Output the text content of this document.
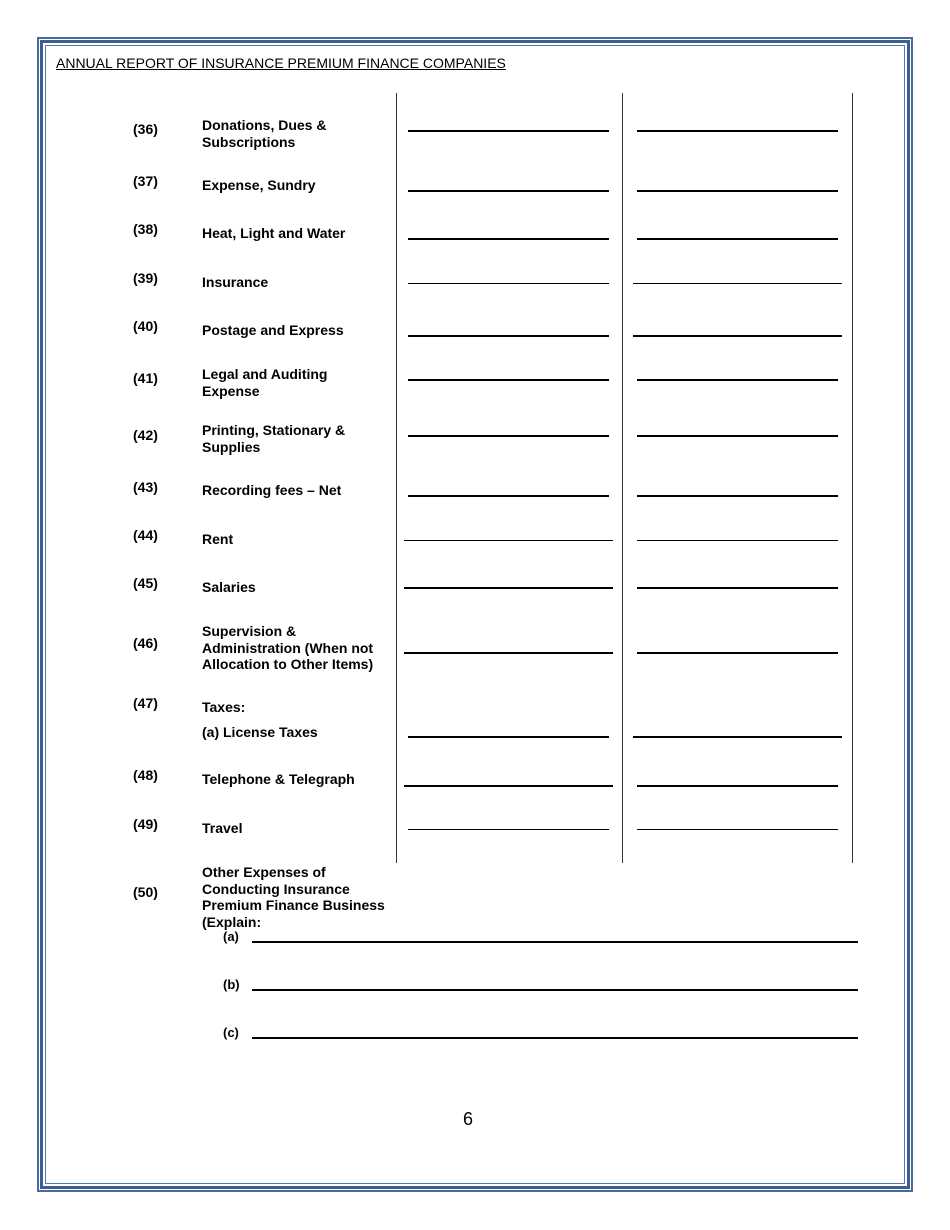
ANNUAL REPORT OF INSURANCE PREMIUM FINANCE COMPANIES
(36)	Donations, Dues & Subscriptions
(37)	Expense, Sundry
(38)	Heat, Light and Water
(39)	Insurance
(40)	Postage and Express
(41)	Legal and Auditing Expense
(42)	Printing, Stationary & Supplies
(43)	Recording fees – Net
(44)	Rent
(45)	Salaries
(46)
Supervision & Administration (When not Allocation to Other Items)
(47)	Taxes:
(a) License Taxes
(48)	Telephone & Telegraph
(49)	Travel
(50)
Other Expenses of Conducting Insurance Premium Finance Business (Explain:
(a)
(b)
(c)
6
